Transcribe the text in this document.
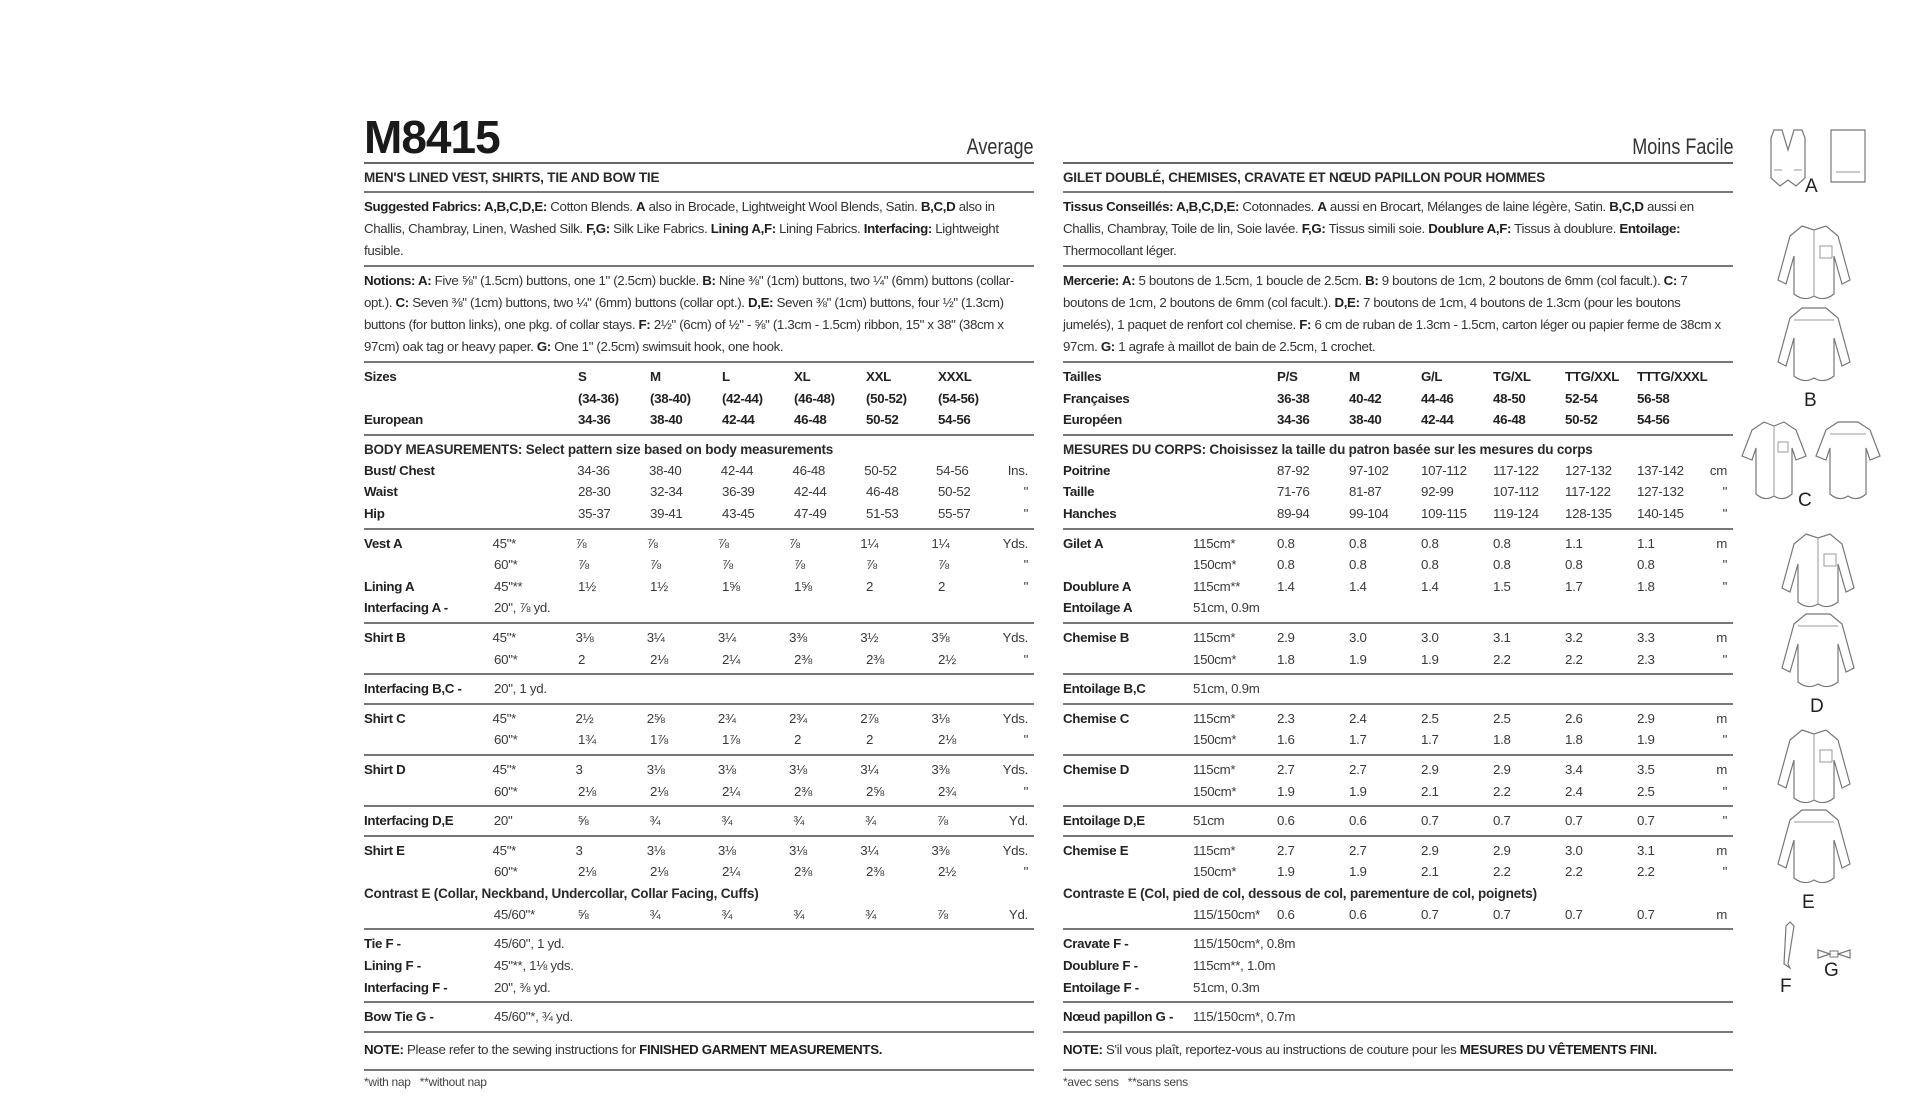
M8415	Average
MEN'S LINED VEST, SHIRTS, TIE AND BOW TIE
Suggested Fabrics: A,B,C,D,E: Cotton Blends. A also in Brocade, Lightweight Wool Blends, Satin. B,C,D also in Challis, Chambray, Linen, Washed Silk. F,G: Silk Like Fabrics. Lining A,F: Lining Fabrics. Interfacing: Lightweight fusible.
Notions: A: Five ⅝" (1.5cm) buttons, one 1" (2.5cm) buckle. B: Nine ⅜" (1cm) buttons, two ¼" (6mm) buttons (collar-opt.). C: Seven ⅜" (1cm) buttons, two ¼" (6mm) buttons (collar opt.). D,E: Seven ⅜" (1cm) buttons, four ½" (1.3cm) buttons (for button links), one pkg. of collar stays. F: 2½" (6cm) of ½" - ⅝" (1.3cm - 1.5cm) ribbon, 15" x 38" (38cm x 97cm) oak tag or heavy paper. G: One 1" (2.5cm) swimsuit hook, one hook.
Sizes	S	M	L	XL	XXL	XXXL
(34-36)	(38-40)	(42-44)	(46-48)	(50-52)	(54-56)
European	34-36	38-40	42-44	46-48	50-52	54-56
BODY MEASUREMENTS: Select pattern size based on body measurements
Bust/ Chest	34-36	38-40	42-44	46-48	50-52	54-56	Ins.
Waist	28-30	32-34	36-39	42-44	46-48	50-52	"
Hip	35-37	39-41	43-45	47-49	51-53	55-57	"
Vest A	45"*	⅞	⅞	⅞	⅞	1¼	1¼	Yds.
60"*	⅞	⅞	⅞	⅞	⅞	⅞	"
Lining A	45"**	1½	1½	1⅝	1⅝	2	2	"
Interfacing A -	20", ⅞ yd.
Shirt B	45"*	3⅛	3¼	3¼	3⅜	3½	3⅝	Yds.
60"*	2	2⅛	2¼	2⅜	2⅜	2½	"
Interfacing B,C -	20", 1 yd.
Shirt C	45"*	2½	2⅝	2¾	2¾	2⅞	3⅛	Yds.
60"*	1¾	1⅞	1⅞	2	2	2⅛	"
Shirt D	45"*	3	3⅛	3⅛	3⅛	3¼	3⅜	Yds.
60"*	2⅛	2⅛	2¼	2⅜	2⅝	2¾	"
Interfacing D,E	20"	⅝	¾	¾	¾	¾	⅞	Yd.
Shirt E	45"*	3	3⅛	3⅛	3⅛	3¼	3⅜	Yds.
60"*	2⅛	2⅛	2¼	2⅜	2⅜	2½	"
Contrast E (Collar, Neckband, Undercollar, Collar Facing, Cuffs)
45/60"*	⅝	¾	¾	¾	¾	⅞	Yd.
Tie F -	45/60", 1 yd.
Lining F -	45"**, 1⅛ yds.
Interfacing F -	20", ⅜ yd.
Bow Tie G -	45/60"*, ¾ yd.
NOTE: Please refer to the sewing instructions for FINISHED GARMENT MEASUREMENTS.
*with nap   **without nap
Moins Facile
GILET DOUBLÉ, CHEMISES, CRAVATE ET NŒUD PAPILLON POUR HOMMES
Tissus Conseillés: A,B,C,D,E: Cotonnades. A aussi en Brocart, Mélanges de laine légère, Satin. B,C,D aussi en Challis, Chambray, Toile de lin, Soie lavée. F,G: Tissus simili soie. Doublure A,F: Tissus à doublure. Entoilage: Thermocollant léger.
Mercerie: A: 5 boutons de 1.5cm, 1 boucle de 2.5cm. B: 9 boutons de 1cm, 2 boutons de 6mm (col facult.). C: 7 boutons de 1cm, 2 boutons de 6mm (col facult.). D,E: 7 boutons de 1cm, 4 boutons de 1.3cm (pour les boutons jumelés), 1 paquet de renfort col chemise. F: 6 cm de ruban de 1.3cm - 1.5cm, carton léger ou papier ferme de 38cm x 97cm. G: 1 agrafe à maillot de bain de 2.5cm, 1 crochet.
Tailles	P/S	M	G/L	TG/XL	TTG/XXL	TTTG/XXXL
Françaises	36-38	40-42	44-46	48-50	52-54	56-58
Européen	34-36	38-40	42-44	46-48	50-52	54-56
MESURES DU CORPS: Choisissez la taille du patron basée sur les mesures du corps
Poitrine	87-92	97-102	107-112	117-122	127-132	137-142	cm
Taille	71-76	81-87	92-99	107-112	117-122	127-132	"
Hanches	89-94	99-104	109-115	119-124	128-135	140-145	"
Gilet A	115cm*	0.8	0.8	0.8	0.8	1.1	1.1	m
150cm*	0.8	0.8	0.8	0.8	0.8	0.8	"
Doublure A	115cm**	1.4	1.4	1.4	1.5	1.7	1.8	"
Entoilage A	51cm, 0.9m
Chemise B	115cm*	2.9	3.0	3.0	3.1	3.2	3.3	m
150cm*	1.8	1.9	1.9	2.2	2.2	2.3	"
Entoilage B,C	51cm, 0.9m
Chemise C	115cm*	2.3	2.4	2.5	2.5	2.6	2.9	m
150cm*	1.6	1.7	1.7	1.8	1.8	1.9	"
Chemise D	115cm*	2.7	2.7	2.9	2.9	3.4	3.5	m
150cm*	1.9	1.9	2.1	2.2	2.4	2.5	"
Entoilage D,E	51cm	0.6	0.6	0.7	0.7	0.7	0.7	"
Chemise E	115cm*	2.7	2.7	2.9	2.9	3.0	3.1	m
150cm*	1.9	1.9	2.1	2.2	2.2	2.2	"
Contraste E (Col, pied de col, dessous de col, parementure de col, poignets)
115/150cm*	0.6	0.6	0.7	0.7	0.7	0.7	m
Cravate F -	115/150cm*, 0.8m
Doublure F -	115cm**, 1.0m
Entoilage F -	51cm, 0.3m
Nœud papillon G -	115/150cm*, 0.7m
NOTE: S'il vous plaît, reportez-vous au instructions de couture pour les MESURES DU VÊTEMENTS FINI.
*avec sens   **sans sens
A
B
C
D
E
F
G
